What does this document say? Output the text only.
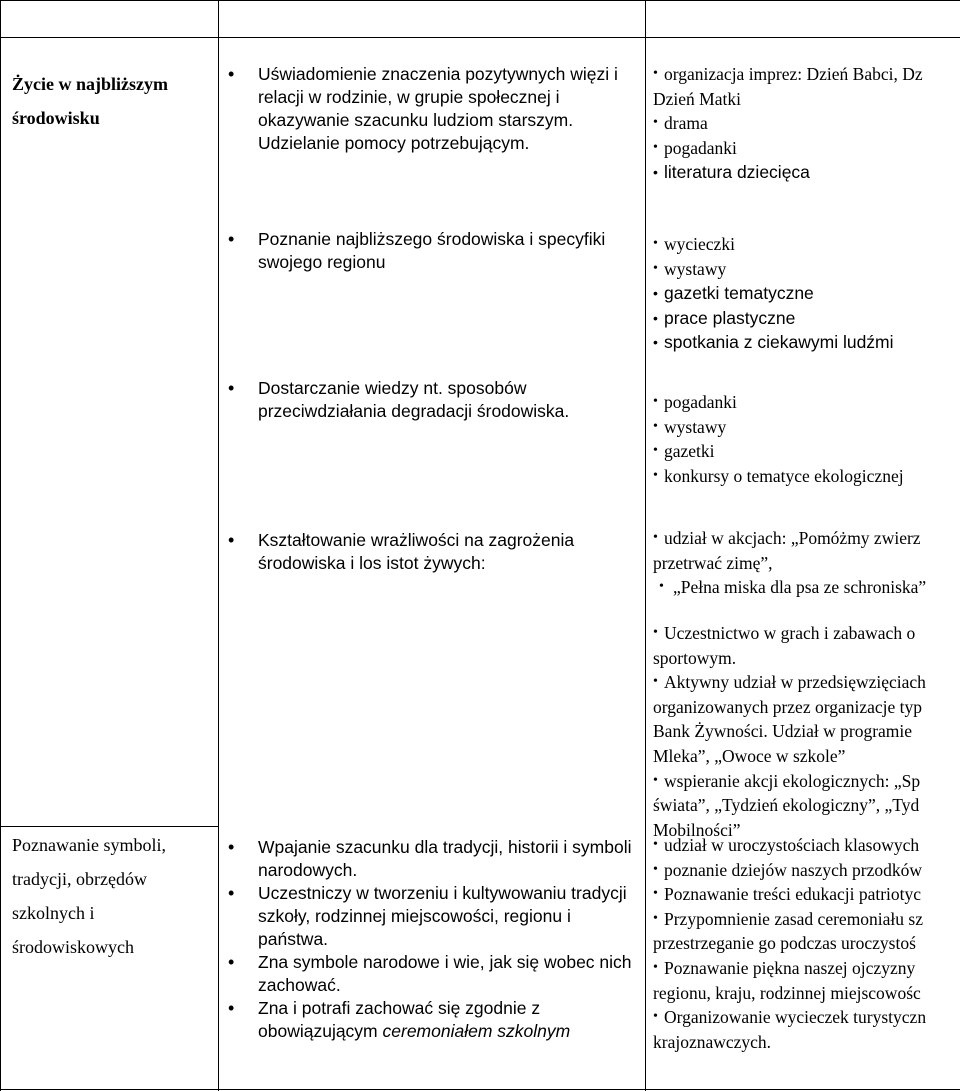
Życie w najbliższym
środowisku

• Uświadomienie znaczenia pozytywnych więzi i relacji w rodzinie, w grupie społecznej i okazywanie szacunku ludziom starszym. Udzielanie pomocy potrzebującym.

• organizacja imprez: Dzień Babci, Dz

Dzień Matki

• drama

• pogadanki

• literatura dziecięca

• Poznanie najbliższego środowiska i specyfiki swojego regionu

• wycieczki

• wystawy

• gazetki tematyczne

• prace plastyczne

• spotkania z ciekawymi ludźmi

• Dostarczanie wiedzy nt. sposobów przeciwdziałania degradacji środowiska.

•	pogadanki

• wystawy

• gazetki

• konkursy o tematyce ekologicznej

• Kształtowanie wrażliwości na zagrożenia środowiska i los istot żywych:

• udział w akcjach: „Pomóżmy zwierz

przetrwać zimę”,

• „Pełna miska dla psa ze schroniska”

• Uczestnictwo w grach i zabawach o

sportowym.

• Aktywny udział w przedsięwzięciach

organizowanych przez organizacje typ

Bank Żywności. Udział w programie

Mleka”, „Owoce w szkole”

• wspieranie akcji ekologicznych: „Sp

świata”, „Tydzień ekologiczny”, „Tyd

Mobilności”

Poznawanie symboli,
tradycji, obrzędów
szkolnych i
środowiskowych

• Wpajanie szacunku dla tradycji, historii i symboli narodowych.

• Uczestniczy w tworzeniu i kultywowaniu tradycji szkoły, rodzinnej miejscowości, regionu i państwa.

• Zna symbole narodowe i wie, jak się wobec nich zachować.

• Zna i potrafi zachować się zgodnie z obowiązującym ceremoniałem szkolnym

• udział w uroczystościach klasowych

• poznanie dziejów naszych przodków

• Poznawanie treści edukacji patriotyc

• Przypomnienie zasad ceremoniału sz

przestrzeganie go podczas uroczystoś

• Poznawanie piękna naszej ojczyzny

regionu, kraju, rodzinnej miejscowośc

• Organizowanie wycieczek turystyczn

krajoznawczych.
